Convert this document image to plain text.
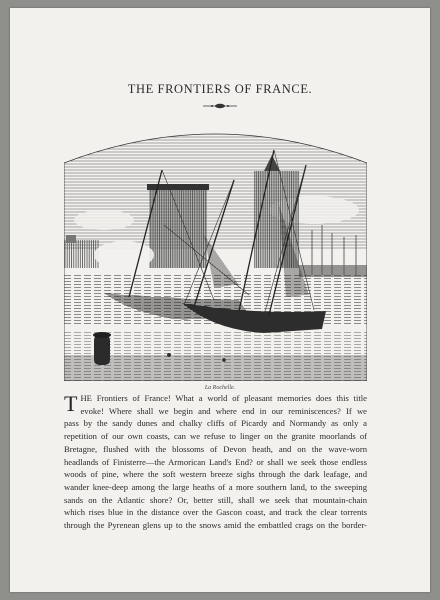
THE FRONTIERS OF FRANCE.
La Rochelle.
T HE Frontiers of France! What a world of pleasant memories does this title
evoke! Where shall we begin and where end in our reminiscences? If we
pass by the sandy dunes and chalky cliffs of Picardy and Normandy as only a
repetition of our own coasts, can we refuse to linger on the granite moorlands of
Bretagne, flushed with the blossoms of Devon heath, and on the wave-worn
headlands of Finisterre—the Armorican Land's End? or shall we seek those endless
woods of pine, where the soft western breeze sighs through the dark leafage, and
wander knee-deep among the large heaths of a more southern land, to the sweeping
sands on the Atlantic shore? Or, better still, shall we seek that mountain-chain
which rises blue in the distance over the Gascon coast, and track the clear torrents
through the Pyrenean glens up to the snows amid the embattled crags on the border-
